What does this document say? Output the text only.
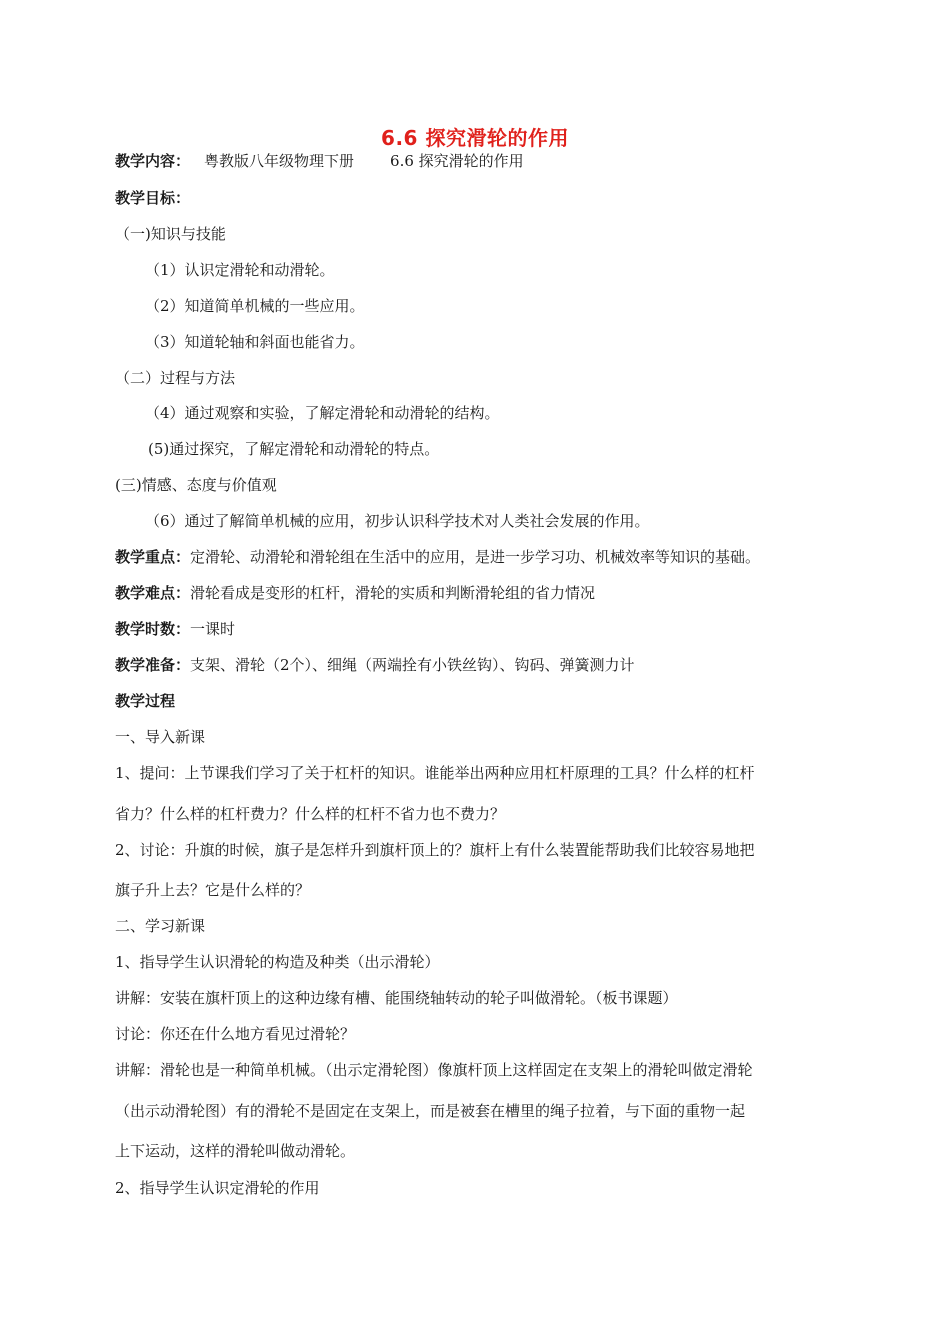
6.6 探究滑轮的作用
教学内容： 粤教版八年级物理下册 6.6 探究滑轮的作用
教学目标：
（一)知识与技能
（1）认识定滑轮和动滑轮。
（2）知道简单机械的一些应用。
（3）知道轮轴和斜面也能省力。
（二）过程与方法
（4）通过观察和实验，了解定滑轮和动滑轮的结构。
(5)通过探究，了解定滑轮和动滑轮的特点。
(三)情感、态度与价值观
（6）通过了解简单机械的应用，初步认识科学技术对人类社会发展的作用。
教学重点：定滑轮、动滑轮和滑轮组在生活中的应用，是进一步学习功、机械效率等知识的基础。
教学难点：滑轮看成是变形的杠杆，滑轮的实质和判断滑轮组的省力情况
教学时数：一课时
教学准备：支架、滑轮（2个）、细绳（两端拴有小铁丝钩）、钩码、弹簧测力计
教学过程
一、导入新课
1、提问：上节课我们学习了关于杠杆的知识。谁能举出两种应用杠杆原理的工具？什么样的杠杆
省力？什么样的杠杆费力？什么样的杠杆不省力也不费力？
2、讨论：升旗的时候，旗子是怎样升到旗杆顶上的？旗杆上有什么装置能帮助我们比较容易地把
旗子升上去？它是什么样的？
二、学习新课
1、指导学生认识滑轮的构造及种类（出示滑轮）
讲解：安装在旗杆顶上的这种边缘有槽、能围绕轴转动的轮子叫做滑轮。（板书课题）
讨论：你还在什么地方看见过滑轮？
讲解：滑轮也是一种简单机械。（出示定滑轮图）像旗杆顶上这样固定在支架上的滑轮叫做定滑轮
（出示动滑轮图）有的滑轮不是固定在支架上，而是被套在槽里的绳子拉着，与下面的重物一起
上下运动，这样的滑轮叫做动滑轮。
2、指导学生认识定滑轮的作用
